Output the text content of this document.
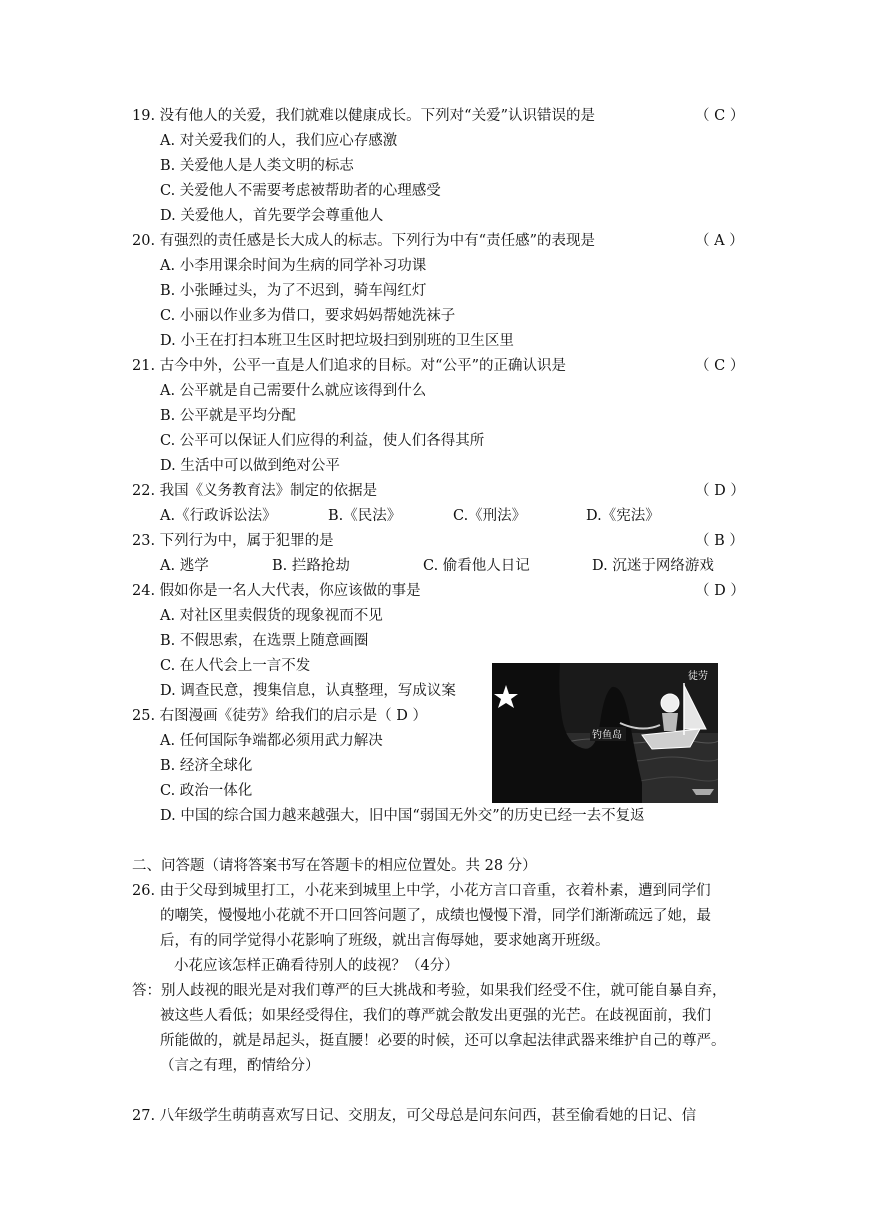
19. 没有他人的关爱，我们就难以健康成长。下列对“关爱”认识错误的是	（ C ）
A. 对关爱我们的人，我们应心存感激
B. 关爱他人是人类文明的标志
C. 关爱他人不需要考虑被帮助者的心理感受
D. 关爱他人，首先要学会尊重他人
20. 有强烈的责任感是长大成人的标志。下列行为中有“责任感”的表现是	（ A ）
A. 小李用课余时间为生病的同学补习功课
B. 小张睡过头，为了不迟到，骑车闯红灯
C. 小丽以作业多为借口，要求妈妈帮她洗袜子
D. 小王在打扫本班卫生区时把垃圾扫到别班的卫生区里
21. 古今中外，公平一直是人们追求的目标。对“公平”的正确认识是	（ C ）
A. 公平就是自己需要什么就应该得到什么
B. 公平就是平均分配
C. 公平可以保证人们应得的利益，使人们各得其所
D. 生活中可以做到绝对公平
22. 我国《义务教育法》制定的依据是	（ D ）
A.《行政诉讼法》	B.《民法》	C.《刑法》	D.《宪法》
23. 下列行为中，属于犯罪的是	（ B ）
A. 逃学	B. 拦路抢劫	C. 偷看他人日记	D. 沉迷于网络游戏
24. 假如你是一名人大代表，你应该做的事是	（ D ）
A. 对社区里卖假货的现象视而不见
B. 不假思索，在选票上随意画圈
C. 在人代会上一言不发
D. 调查民意，搜集信息，认真整理，写成议案
25. 右图漫画《徒劳》给我们的启示是（ D ）
A. 任何国际争端都必须用武力解决
B. 经济全球化
C. 政治一体化
D. 中国的综合国力越来越强大，旧中国“弱国无外交”的历史已经一去不复返
钓鱼岛
徒劳
二、问答题（请将答案书写在答题卡的相应位置处。共 28 分）
26. 由于父母到城里打工，小花来到城里上中学，小花方言口音重，衣着朴素，遭到同学们
的嘲笑，慢慢地小花就不开口回答问题了，成绩也慢慢下滑，同学们渐渐疏远了她，最
后，有的同学觉得小花影响了班级，就出言侮辱她，要求她离开班级。
小花应该怎样正确看待别人的歧视？（4分）
答：别人歧视的眼光是对我们尊严的巨大挑战和考验，如果我们经受不住，就可能自暴自弃，
被这些人看低；如果经受得住，我们的尊严就会散发出更强的光芒。在歧视面前，我们
所能做的，就是昂起头，挺直腰！必要的时候，还可以拿起法律武器来维护自己的尊严。
（言之有理，酌情给分）
27. 八年级学生萌萌喜欢写日记、交朋友，可父母总是问东问西，甚至偷看她的日记、信
